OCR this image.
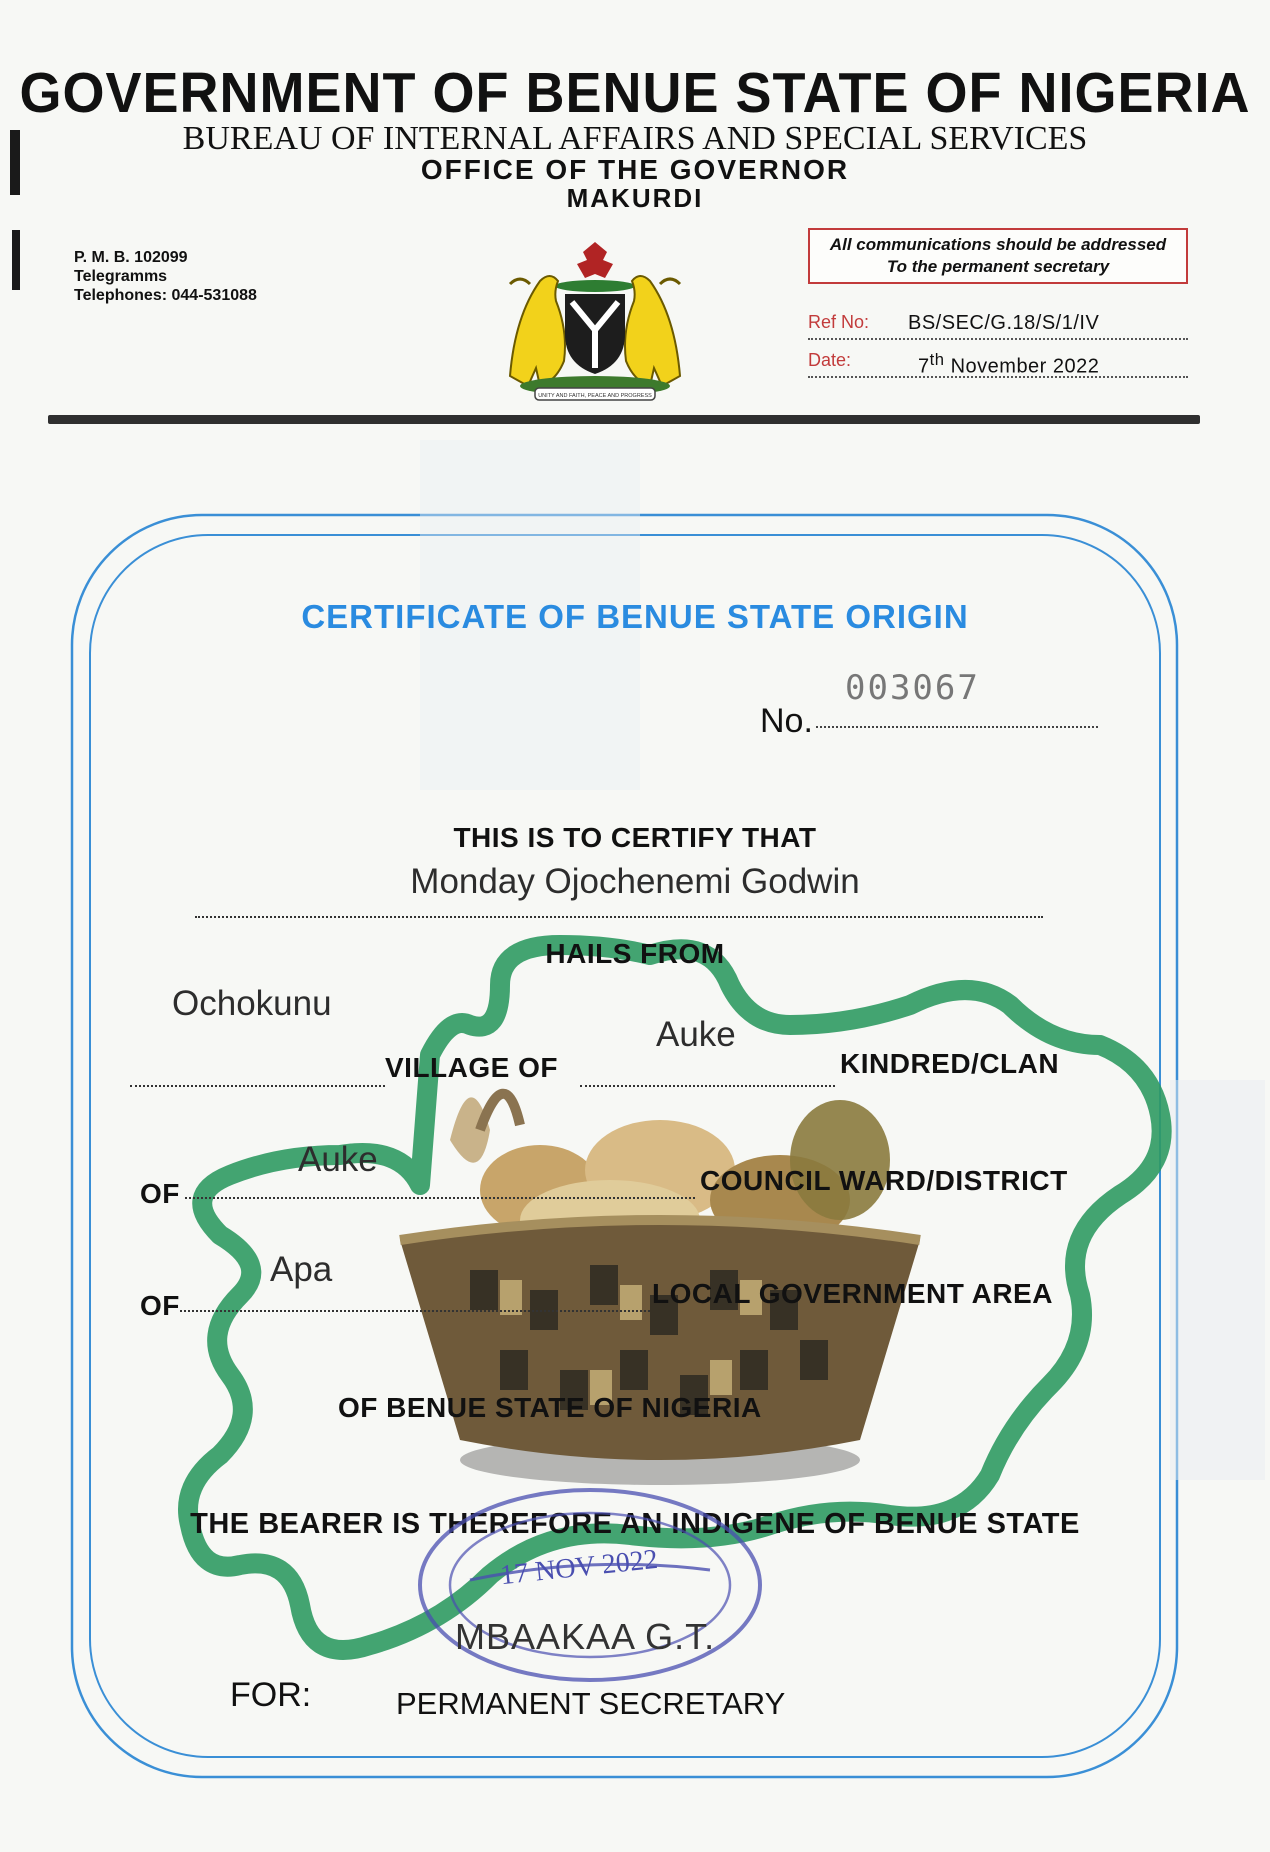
GOVERNMENT OF BENUE STATE OF NIGERIA
BUREAU OF INTERNAL AFFAIRS AND SPECIAL SERVICES
OFFICE OF THE GOVERNOR
MAKURDI
P. M. B. 102099
Telegramms
Telephones: 044-531088
UNITY AND FAITH, PEACE AND PROGRESS
All communications should be addressed
To the permanent secretary
Ref No: BS/SEC/G.18/S/1/IV
Date:	7th November 2022
CERTIFICATE OF BENUE STATE ORIGIN
No.
003067
THIS IS TO CERTIFY THAT
Monday Ojochenemi Godwin
HAILS FROM
Ochokunu
Auke
VILLAGE OF	KINDRED/CLAN
OF
Auke
COUNCIL WARD/DISTRICT
OF
Apa
LOCAL GOVERNMENT AREA
OF BENUE STATE OF NIGERIA
THE BEARER IS THEREFORE AN INDIGENE OF BENUE STATE
17 NOV 2022
MBAAKAA G.T.
FOR:	PERMANENT SECRETARY
